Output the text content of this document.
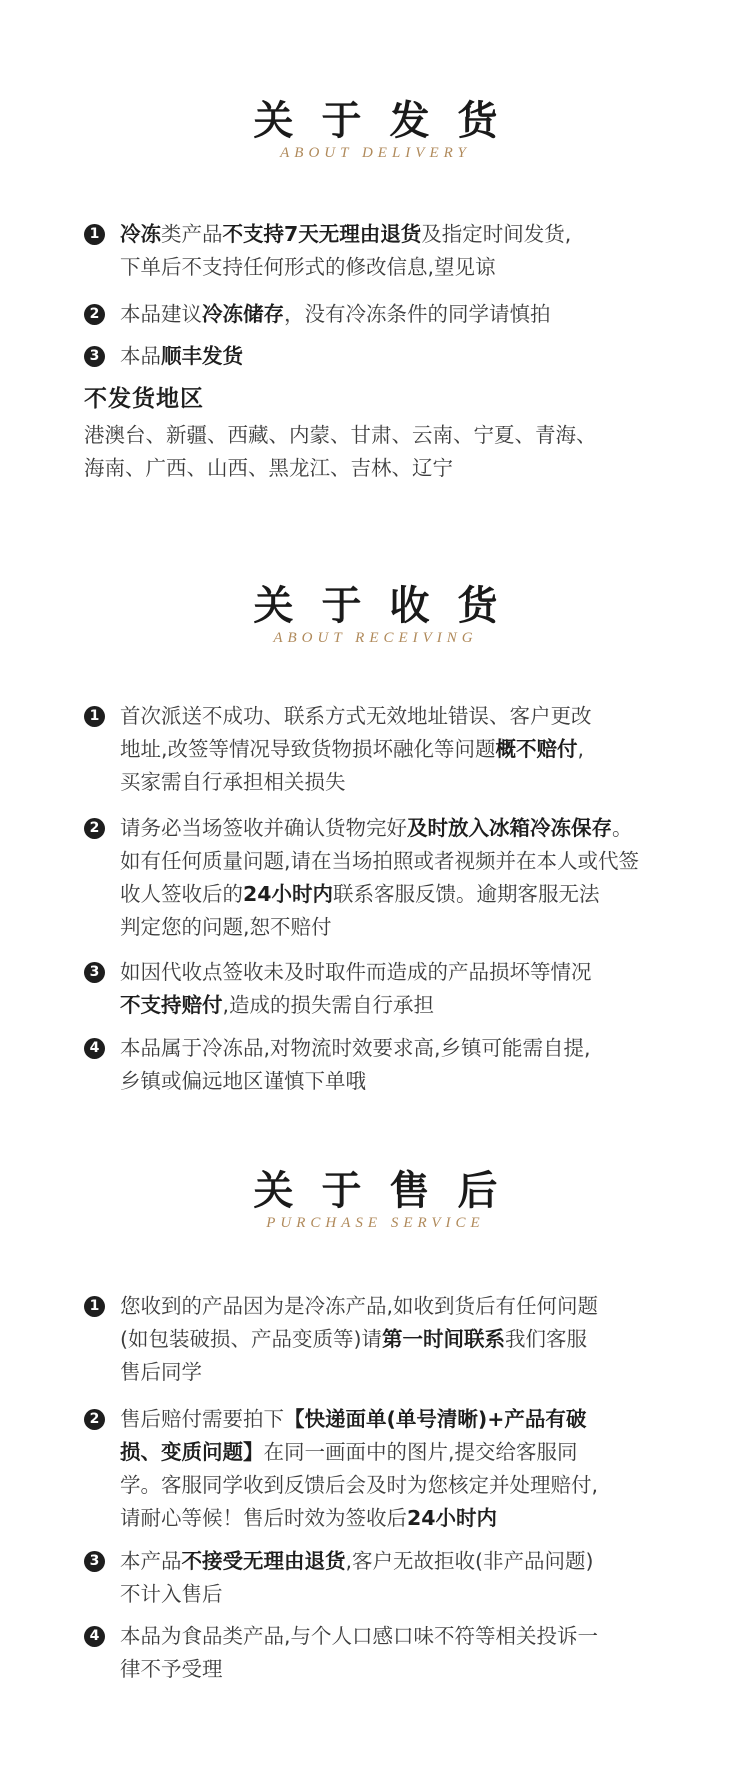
关 于 发 货
ABOUT DELIVERY
1 冷冻类产品不支持7天无理由退货及指定时间发货,
下单后不支持任何形式的修改信息,望见谅
2 本品建议冷冻储存，没有冷冻条件的同学请慎拍
3 本品顺丰发货
不发货地区
港澳台、新疆、西藏、内蒙、甘肃、云南、宁夏、青海、
海南、广西、山西、黑龙江、吉林、辽宁
关 于 收 货
ABOUT RECEIVING
1 首次派送不成功、联系方式无效地址错误、客户更改
地址,改签等情况导致货物损坏融化等问题概不赔付,
买家需自行承担相关损失
2 请务必当场签收并确认货物完好及时放入冰箱冷冻保存。
如有任何质量问题,请在当场拍照或者视频并在本人或代签
收人签收后的24小时内联系客服反馈。逾期客服无法
判定您的问题,恕不赔付
3 如因代收点签收未及时取件而造成的产品损坏等情况
不支持赔付,造成的损失需自行承担
4 本品属于冷冻品,对物流时效要求高,乡镇可能需自提,
乡镇或偏远地区谨慎下单哦
关 于 售 后
PURCHASE SERVICE
1 您收到的产品因为是冷冻产品,如收到货后有任何问题
(如包装破损、产品变质等)请第一时间联系我们客服
售后同学
2 售后赔付需要拍下【快递面单(单号清晰)+产品有破
损、变质问题】在同一画面中的图片,提交给客服同
学。客服同学收到反馈后会及时为您核定并处理赔付,
请耐心等候！售后时效为签收后24小时内
3 本产品不接受无理由退货,客户无故拒收(非产品问题)
不计入售后
4 本品为食品类产品,与个人口感口味不符等相关投诉一
律不予受理
